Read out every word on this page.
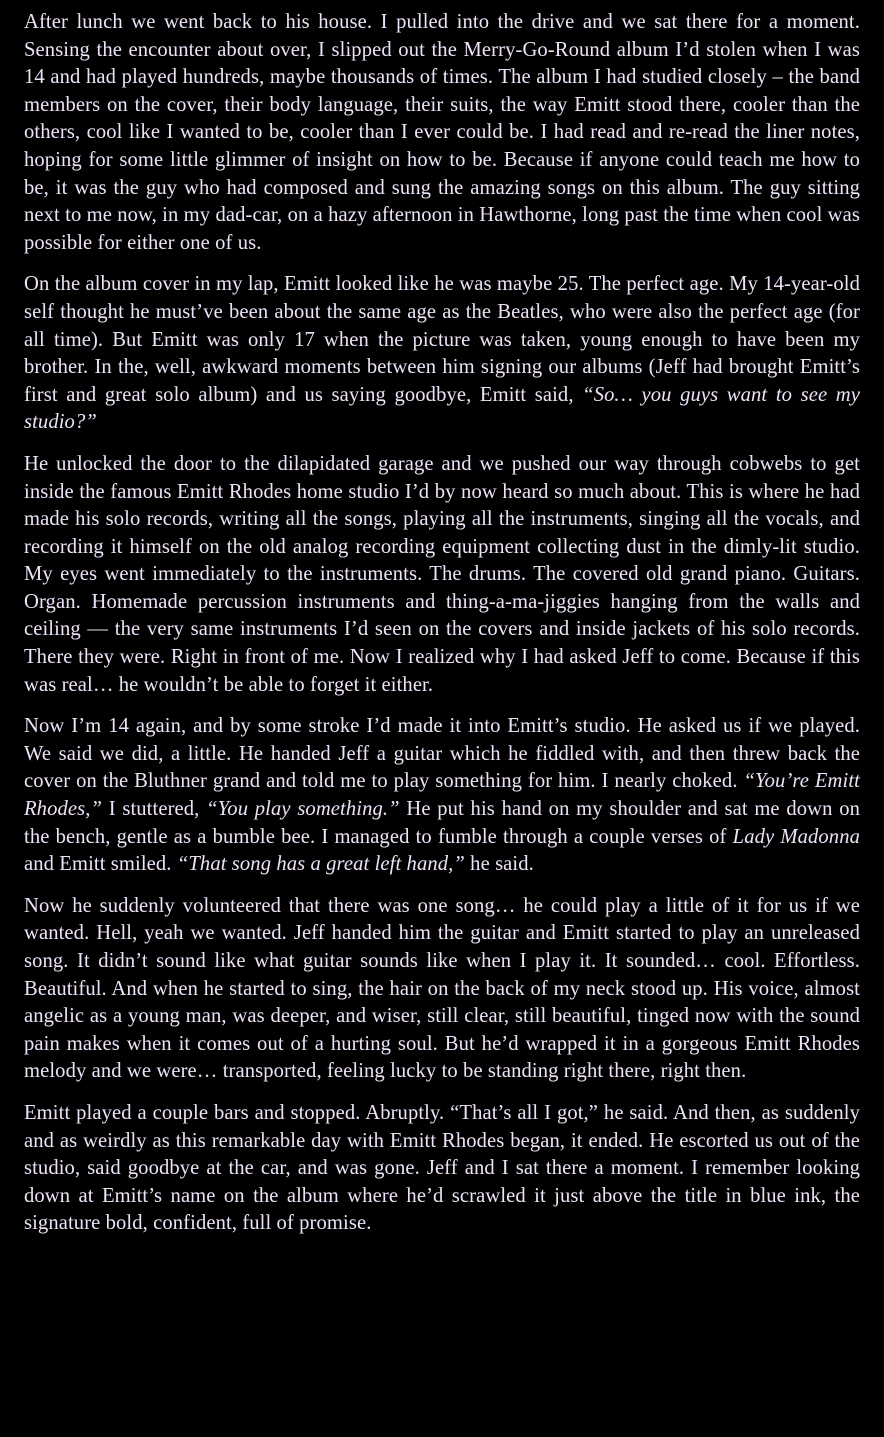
After lunch we went back to his house. I pulled into the drive and we sat there for a moment. Sensing the encounter about over, I slipped out the Merry-Go-Round album I’d stolen when I was 14 and had played hundreds, maybe thousands of times. The album I had studied closely – the band members on the cover, their body language, their suits, the way Emitt stood there, cooler than the others, cool like I wanted to be, cooler than I ever could be. I had read and re-read the liner notes, hoping for some little glimmer of insight on how to be. Because if anyone could teach me how to be, it was the guy who had composed and sung the amazing songs on this album. The guy sitting next to me now, in my dad-car, on a hazy afternoon in Hawthorne, long past the time when cool was possible for either one of us.

On the album cover in my lap, Emitt looked like he was maybe 25. The perfect age. My 14-year-old self thought he must’ve been about the same age as the Beatles, who were also the perfect age (for all time). But Emitt was only 17 when the picture was taken, young enough to have been my brother. In the, well, awkward moments between him signing our albums (Jeff had brought Emitt’s first and great solo album) and us saying goodbye, Emitt said, “So… you guys want to see my studio?”

He unlocked the door to the dilapidated garage and we pushed our way through cobwebs to get inside the famous Emitt Rhodes home studio I’d by now heard so much about. This is where he had made his solo records, writing all the songs, playing all the instruments, singing all the vocals, and recording it himself on the old analog recording equipment collecting dust in the dimly-lit studio. My eyes went immediately to the instruments. The drums. The covered old grand piano. Guitars. Organ. Homemade percussion instruments and thing-a-ma-jiggies hanging from the walls and ceiling — the very same instruments I’d seen on the covers and inside jackets of his solo records. There they were. Right in front of me. Now I realized why I had asked Jeff to come. Because if this was real… he wouldn’t be able to forget it either.

Now I’m 14 again, and by some stroke I’d made it into Emitt’s studio. He asked us if we played. We said we did, a little. He handed Jeff a guitar which he fiddled with, and then threw back the cover on the Bluthner grand and told me to play something for him. I nearly choked. “You’re Emitt Rhodes,” I stuttered, “You play something.” He put his hand on my shoulder and sat me down on the bench, gentle as a bumble bee. I managed to fumble through a couple verses of Lady Madonna and Emitt smiled. “That song has a great left hand,” he said.

Now he suddenly volunteered that there was one song… he could play a little of it for us if we wanted. Hell, yeah we wanted. Jeff handed him the guitar and Emitt started to play an unreleased song. It didn’t sound like what guitar sounds like when I play it. It sounded… cool. Effortless. Beautiful. And when he started to sing, the hair on the back of my neck stood up. His voice, almost angelic as a young man, was deeper, and wiser, still clear, still beautiful, tinged now with the sound pain makes when it comes out of a hurting soul. But he’d wrapped it in a gorgeous Emitt Rhodes melody and we were… transported, feeling lucky to be standing right there, right then.

Emitt played a couple bars and stopped. Abruptly. “That’s all I got,” he said. And then, as suddenly and as weirdly as this remarkable day with Emitt Rhodes began, it ended. He escorted us out of the studio, said goodbye at the car, and was gone. Jeff and I sat there a moment. I remember looking down at Emitt’s name on the album where he’d scrawled it just above the title in blue ink, the signature bold, confident, full of promise.
